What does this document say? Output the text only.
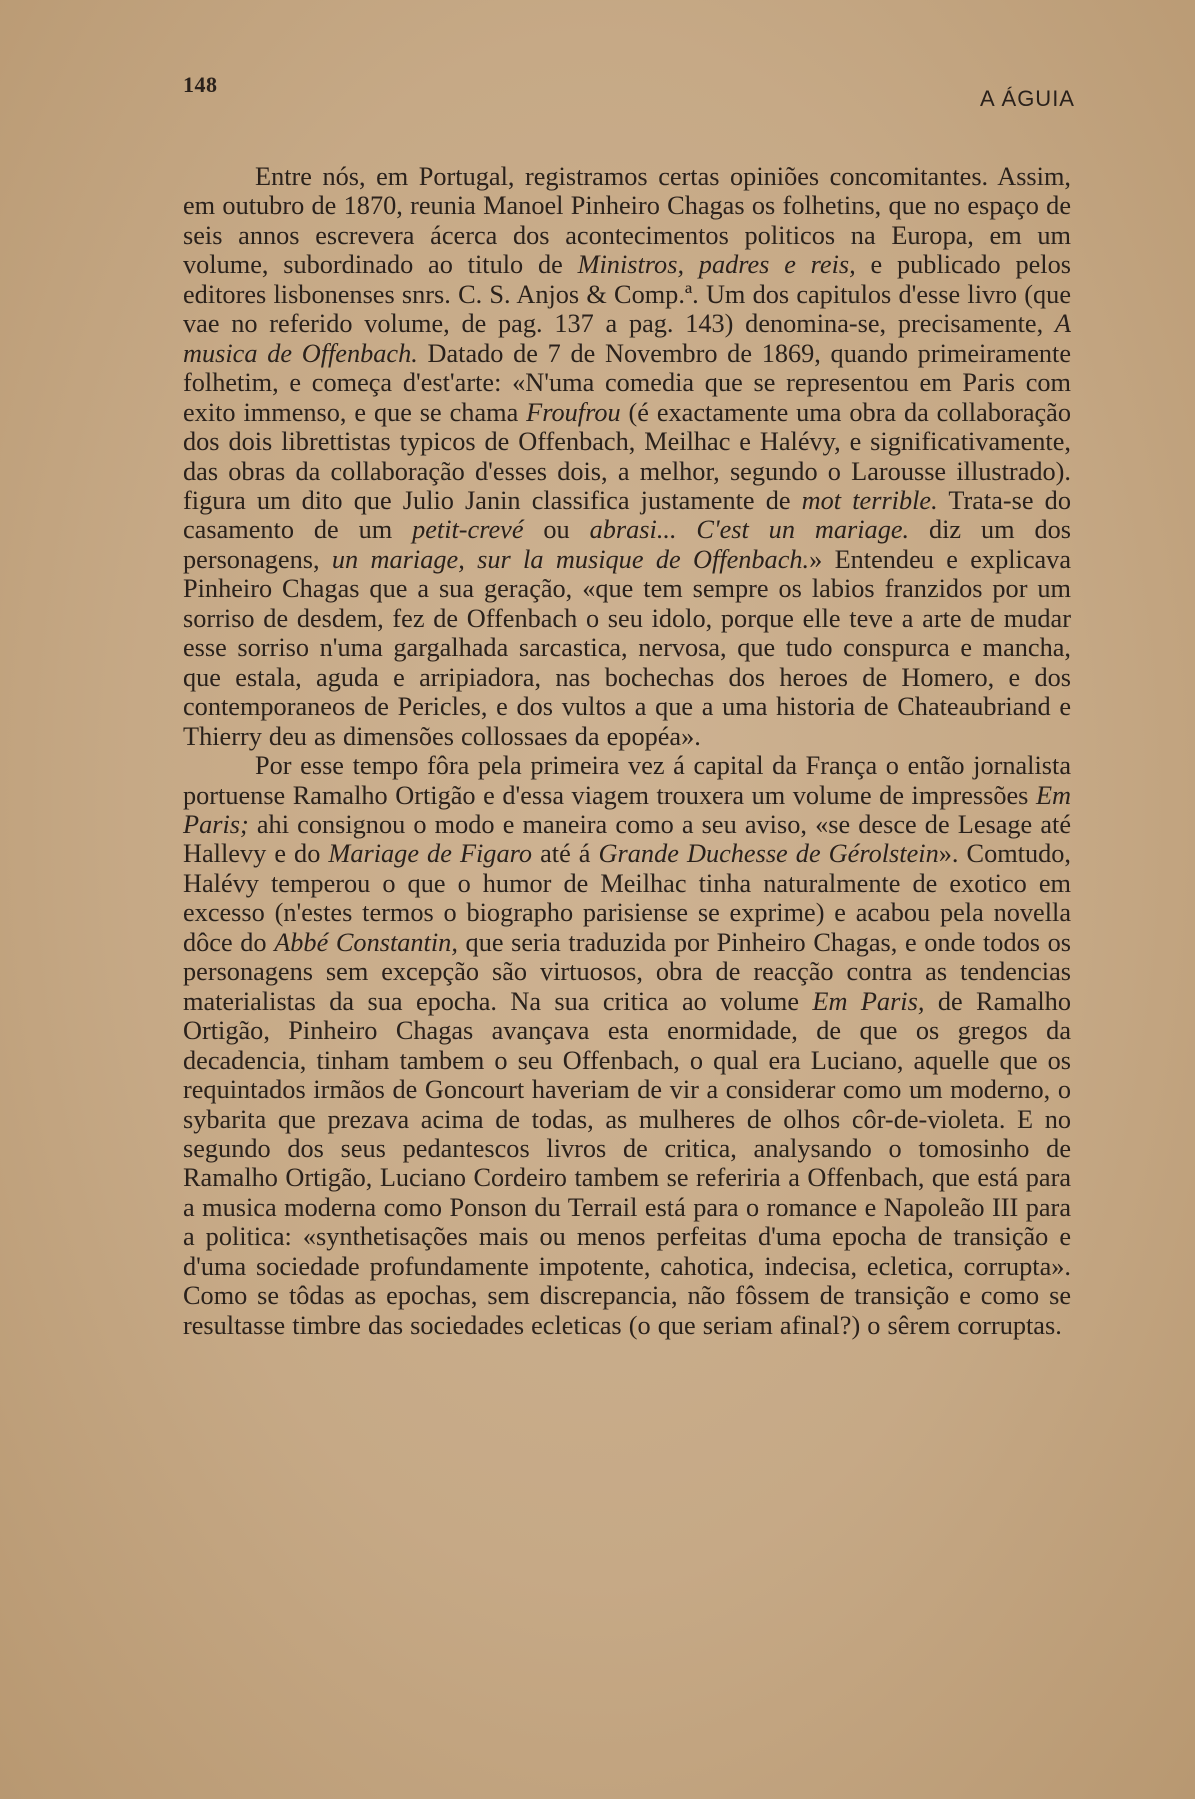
148
A ÁGUIA

Entre nós, em Portugal, registramos certas opiniões concomitantes. Assim, em outubro de 1870, reunia Manoel Pinheiro Chagas os folhetins, que no espaço de seis annos escrevera ácerca dos acontecimentos politicos na Europa, em um volume, subordinado ao titulo de Ministros, padres e reis, e publicado pelos editores lisbonenses snrs. C. S. Anjos & Comp.ª. Um dos capitulos d'esse livro (que vae no referido volume, de pag. 137 a pag. 143) denomina-se, precisamente, A musica de Offenbach. Datado de 7 de Novembro de 1869, quando primeiramente folhetim, e começa d'est'arte: «N'uma comedia que se representou em Paris com exito immenso, e que se chama Froufrou (é exactamente uma obra da collaboração dos dois librettistas typicos de Offenbach, Meilhac e Halévy, e significativamente, das obras da collaboração d'esses dois, a melhor, segundo o Larousse illustrado). figura um dito que Julio Janin classifica justamente de mot terrible. Trata-se do casamento de um petit-crevé ou abrasi... C'est un mariage. diz um dos personagens, un mariage, sur la musique de Offenbach.» Entendeu e explicava Pinheiro Chagas que a sua geração, «que tem sempre os labios franzidos por um sorriso de desdem, fez de Offenbach o seu idolo, porque elle teve a arte de mudar esse sorriso n'uma gargalhada sarcastica, nervosa, que tudo conspurca e mancha, que estala, aguda e arripiadora, nas bochechas dos heroes de Homero, e dos contemporaneos de Pericles, e dos vultos a que a uma historia de Chateaubriand e Thierry deu as dimensões collossaes da epopéa».

Por esse tempo fôra pela primeira vez á capital da França o então jornalista portuense Ramalho Ortigão e d'essa viagem trouxera um volume de impressões Em Paris; ahi consignou o modo e maneira como a seu aviso, «se desce de Lesage até Hallevy e do Mariage de Figaro até á Grande Duchesse de Gérolstein». Comtudo, Halévy temperou o que o humor de Meilhac tinha naturalmente de exotico em excesso (n'estes termos o biographo parisiense se exprime) e acabou pela novella dôce do Abbé Constantin, que seria traduzida por Pinheiro Chagas, e onde todos os personagens sem excepção são virtuosos, obra de reacção contra as tendencias materialistas da sua epocha. Na sua critica ao volume Em Paris, de Ramalho Ortigão, Pinheiro Chagas avançava esta enormidade, de que os gregos da decadencia, tinham tambem o seu Offenbach, o qual era Luciano, aquelle que os requintados irmãos de Goncourt haveriam de vir a considerar como um moderno, o sybarita que prezava acima de todas, as mulheres de olhos côr-de-violeta. E no segundo dos seus pedantescos livros de critica, analysando o tomosinho de Ramalho Ortigão, Luciano Cordeiro tambem se referiria a Offenbach, que está para a musica moderna como Ponson du Terrail está para o romance e Napoleão III para a politica: «synthetisações mais ou menos perfeitas d'uma epocha de transição e d'uma sociedade profundamente impotente, cahotica, indecisa, ecletica, corrupta». Como se tôdas as epochas, sem discrepancia, não fôssem de transição e como se resultasse timbre das sociedades ecleticas (o que seriam afinal?) o sêrem corruptas.
